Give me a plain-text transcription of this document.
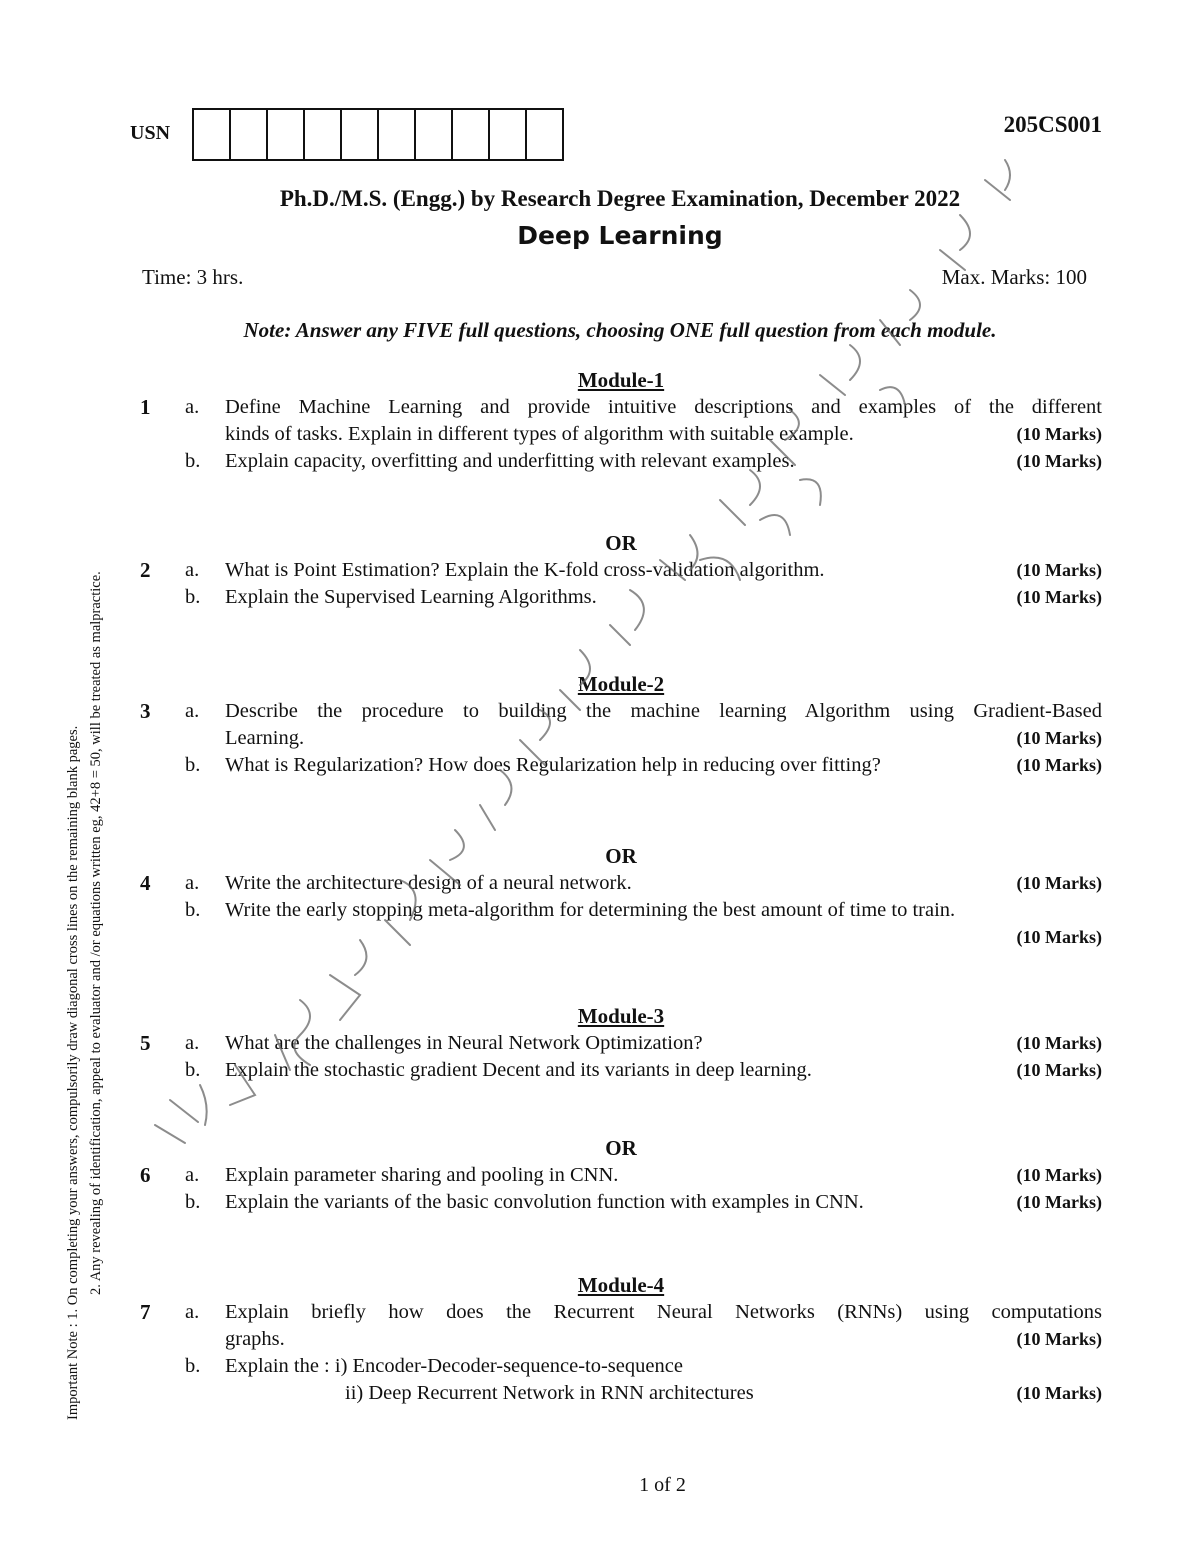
USN	205CS001
Ph.D./M.S. (Engg.) by Research Degree Examination, December 2022
Deep Learning
Time: 3 hrs.	Max. Marks: 100
Note: Answer any FIVE full questions, choosing ONE full question from each module.
Important Note : 1. On completing your answers, compulsorily draw diagonal cross lines on the remaining blank pages. 2. Any revealing of identification, appeal to evaluator and /or equations written eg, 42+8 = 50, will be treated as malpractice.
Module-1
1	a.	Define Machine Learning and provide intuitive descriptions and examples of the different
kinds of tasks. Explain in different types of algorithm with suitable example.	(10 Marks)
b.	Explain capacity, overfitting and underfitting with relevant examples.	(10 Marks)
OR
2	a.	What is Point Estimation? Explain the K-fold cross-validation algorithm.	(10 Marks)
b.	Explain the Supervised Learning Algorithms.	(10 Marks)
Module-2
3	a.	Describe the procedure to building the machine learning Algorithm using Gradient-Based
Learning.	(10 Marks)
b.	What is Regularization? How does Regularization help in reducing over fitting?	(10 Marks)
OR
4	a.	Write the architecture design of a neural network.	(10 Marks)
b.	Write the early stopping meta-algorithm for determining the best amount of time to train.
(10 Marks)
Module-3
5	a.	What are the challenges in Neural Network Optimization?	(10 Marks)
b.	Explain the stochastic gradient Decent and its variants in deep learning.	(10 Marks)
OR
6	a.	Explain parameter sharing and pooling in CNN.	(10 Marks)
b.	Explain the variants of the basic convolution function with examples in CNN.	(10 Marks)
Module-4
7	a.	Explain briefly how does the Recurrent Neural Networks (RNNs) using computations
graphs.	(10 Marks)
b.	Explain the : i) Encoder-Decoder-sequence-to-sequence
ii) Deep Recurrent Network in RNN architectures	(10 Marks)
1 of 2
